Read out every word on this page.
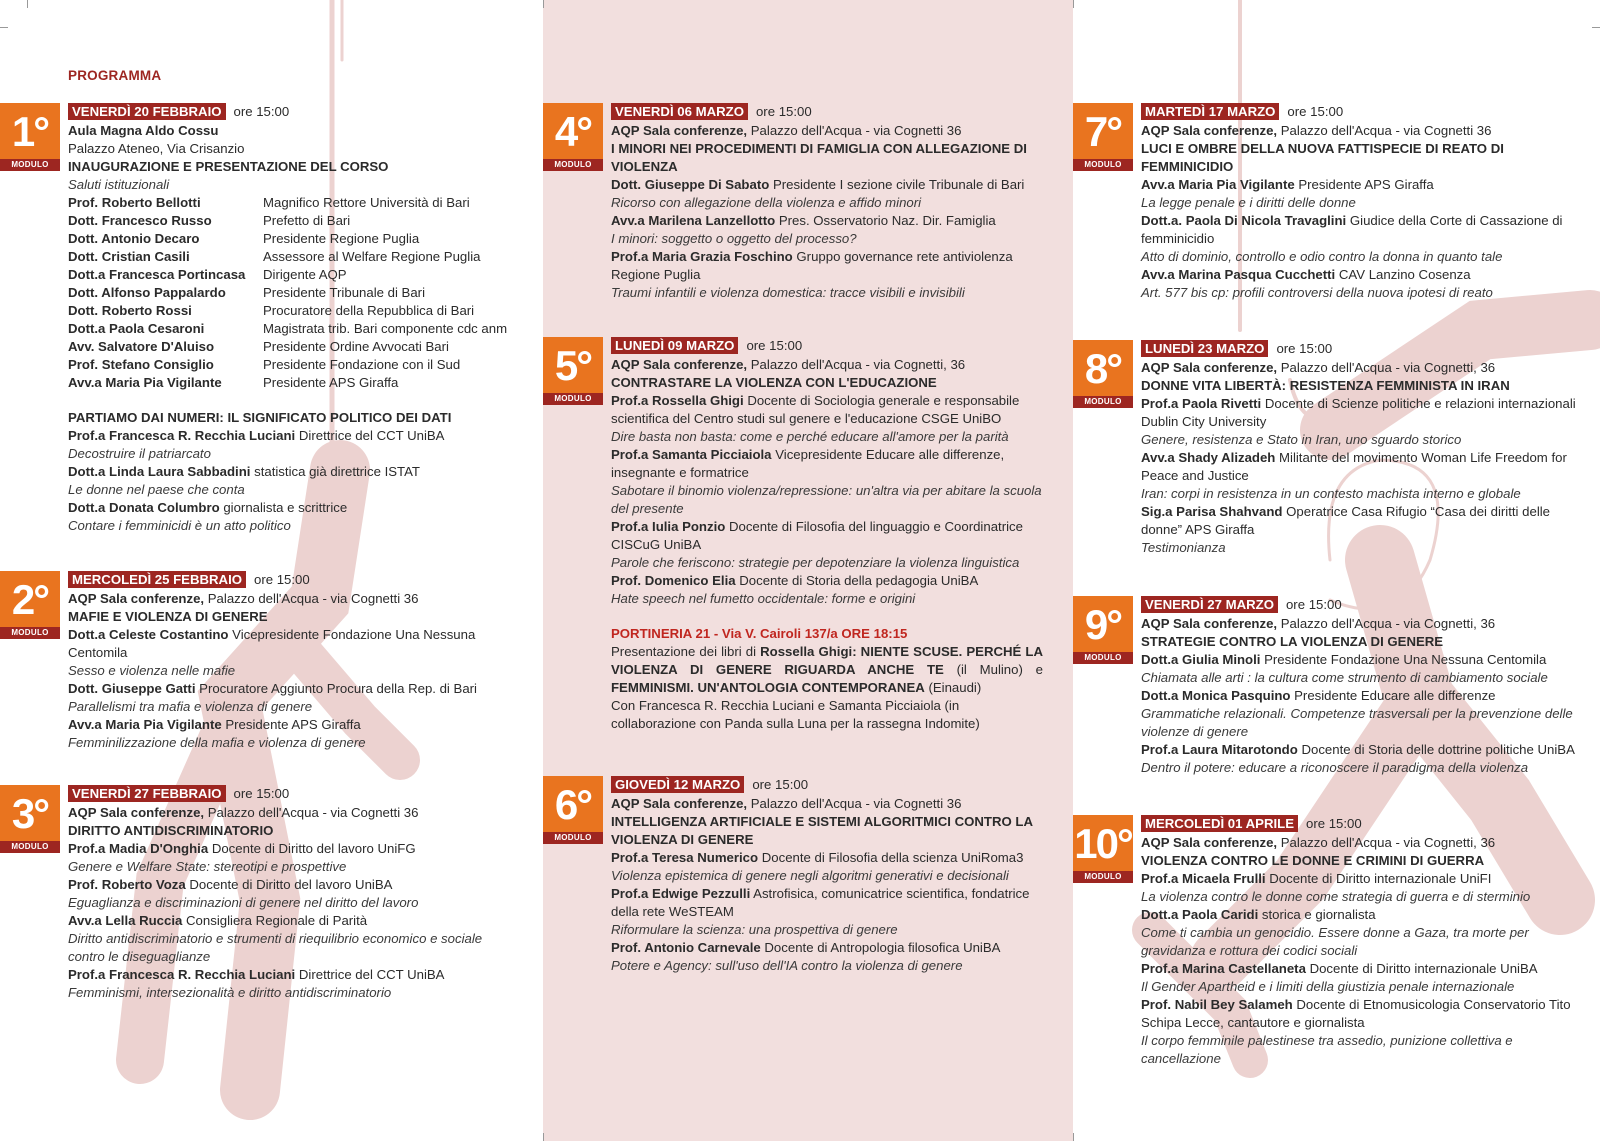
PROGRAMMA
1°
MODULO
VENERDÌ 20 FEBBRAIO ore 15:00
Aula Magna Aldo Cossu
Palazzo Ateneo, Via Crisanzio
INAUGURAZIONE E PRESENTAZIONE DEL CORSO
Saluti istituzionali
Prof. Roberto Bellotti	Magnifico Rettore Università di Bari
Dott. Francesco Russo	Prefetto di Bari
Dott. Antonio Decaro	Presidente Regione Puglia
Dott. Cristian Casili	Assessore al Welfare Regione Puglia
Dott.a Francesca Portincasa	Dirigente AQP
Dott. Alfonso Pappalardo	Presidente Tribunale di Bari
Dott. Roberto Rossi	Procuratore della Repubblica di Bari
Dott.a Paola Cesaroni	Magistrata trib. Bari componente cdc anm
Avv. Salvatore D'Aluiso	Presidente Ordine Avvocati Bari
Prof. Stefano Consiglio	Presidente Fondazione con il Sud
Avv.a Maria Pia Vigilante	Presidente APS Giraffa
PARTIAMO DAI NUMERI: IL SIGNIFICATO POLITICO DEI DATI
Prof.a Francesca R. Recchia Luciani Direttrice del CCT UniBA
Decostruire il patriarcato
Dott.a Linda Laura Sabbadini statistica già direttrice ISTAT
Le donne nel paese che conta
Dott.a Donata Columbro giornalista e scrittrice
Contare i femminicidi è un atto politico
2°
MODULO
MERCOLEDÌ 25 FEBBRAIO ore 15:00
AQP Sala conferenze, Palazzo dell'Acqua - via Cognetti 36
MAFIE E VIOLENZA DI GENERE
Dott.a Celeste Costantino Vicepresidente Fondazione Una Nessuna Centomila
Sesso e violenza nelle mafie
Dott. Giuseppe Gatti Procuratore Aggiunto Procura della Rep. di Bari
Parallelismi tra mafia e violenza di genere
Avv.a Maria Pia Vigilante Presidente APS Giraffa
Femminilizzazione della mafia e violenza di genere
3°
MODULO
VENERDÌ 27 FEBBRAIO ore 15:00
AQP Sala conferenze, Palazzo dell'Acqua - via Cognetti 36
DIRITTO ANTIDISCRIMINATORIO
Prof.a Madia D'Onghia Docente di Diritto del lavoro UniFG
Genere e Welfare State: stereotipi e prospettive
Prof. Roberto Voza Docente di Diritto del lavoro UniBA
Eguaglianza e discriminazioni di genere nel diritto del lavoro
Avv.a Lella Ruccia Consigliera Regionale di Parità
Diritto antidiscriminatorio e strumenti di riequilibrio economico e sociale contro le diseguaglianze
Prof.a Francesca R. Recchia Luciani Direttrice del CCT UniBA
Femminismi, intersezionalità e diritto antidiscriminatorio
4°
MODULO
VENERDÌ 06 MARZO ore 15:00
AQP Sala conferenze, Palazzo dell'Acqua - via Cognetti 36
I MINORI NEI PROCEDIMENTI DI FAMIGLIA CON ALLEGAZIONE DI VIOLENZA
Dott. Giuseppe Di Sabato Presidente I sezione civile Tribunale di Bari
Ricorso con allegazione della violenza e affido minori
Avv.a Marilena Lanzellotto Pres. Osservatorio Naz. Dir. Famiglia
I minori: soggetto o oggetto del processo?
Prof.a Maria Grazia Foschino Gruppo governance rete antiviolenza Regione Puglia
Traumi infantili e violenza domestica: tracce visibili e invisibili
5°
MODULO
LUNEDÌ 09 MARZO ore 15:00
AQP Sala conferenze, Palazzo dell'Acqua - via Cognetti, 36
CONTRASTARE LA VIOLENZA CON L'EDUCAZIONE
Prof.a Rossella Ghigi Docente di Sociologia generale e responsabile scientifica del Centro studi sul genere e l'educazione CSGE UniBO
Dire basta non basta: come e perché educare all'amore per la parità
Prof.a Samanta Picciaiola Vicepresidente Educare alle differenze, insegnante e formatrice
Sabotare il binomio violenza/repressione: un'altra via per abitare la scuola del presente
Prof.a Iulia Ponzio Docente di Filosofia del linguaggio e Coordinatrice CISCuG UniBA
Parole che feriscono: strategie per depotenziare la violenza linguistica
Prof. Domenico Elia Docente di Storia della pedagogia UniBA
Hate speech nel fumetto occidentale: forme e origini
PORTINERIA 21 - Via V. Cairoli 137/a ORE 18:15
Presentazione dei libri di Rossella Ghigi: NIENTE SCUSE. PERCHÉ LA VIOLENZA DI GENERE RIGUARDA ANCHE TE (il Mulino) e FEMMINISMI. UN'ANTOLOGIA CONTEMPORANEA (Einaudi)
Con Francesca R. Recchia Luciani e Samanta Picciaiola (in collaborazione con Panda sulla Luna per la rassegna Indomite)
6°
MODULO
GIOVEDÌ 12 MARZO ore 15:00
AQP Sala conferenze, Palazzo dell'Acqua - via Cognetti 36
INTELLIGENZA ARTIFICIALE E SISTEMI ALGORITMICI CONTRO LA VIOLENZA DI GENERE
Prof.a Teresa Numerico Docente di Filosofia della scienza UniRoma3
Violenza epistemica di genere negli algoritmi generativi e decisionali
Prof.a Edwige Pezzulli Astrofisica, comunicatrice scientifica, fondatrice della rete WeSTEAM
Riformulare la scienza: una prospettiva di genere
Prof. Antonio Carnevale Docente di Antropologia filosofica UniBA
Potere e Agency: sull'uso dell'IA contro la violenza di genere
7°
MODULO
MARTEDÌ 17 MARZO ore 15:00
AQP Sala conferenze, Palazzo dell'Acqua - via Cognetti 36
LUCI E OMBRE DELLA NUOVA FATTISPECIE DI REATO DI FEMMINICIDIO
Avv.a Maria Pia Vigilante Presidente APS Giraffa
La legge penale e i diritti delle donne
Dott.a. Paola Di Nicola Travaglini Giudice della Corte di Cassazione di femminicidio
Atto di dominio, controllo e odio contro la donna in quanto tale
Avv.a Marina Pasqua Cucchetti CAV Lanzino Cosenza
Art. 577 bis cp: profili controversi della nuova ipotesi di reato
8°
MODULO
LUNEDÌ 23 MARZO ore 15:00
AQP Sala conferenze, Palazzo dell'Acqua - via Cognetti, 36
DONNE VITA LIBERTÀ: RESISTENZA FEMMINISTA IN IRAN
Prof.a Paola Rivetti Docente di Scienze politiche e relazioni internazionali Dublin City University
Genere, resistenza e Stato in Iran, uno sguardo storico
Avv.a Shady Alizadeh Militante del movimento Woman Life Freedom for Peace and Justice
Iran: corpi in resistenza in un contesto machista interno e globale
Sig.a Parisa Shahvand Operatrice Casa Rifugio “Casa dei diritti delle donne” APS Giraffa
Testimonianza
9°
MODULO
VENERDÌ 27 MARZO ore 15:00
AQP Sala conferenze, Palazzo dell'Acqua - via Cognetti, 36
STRATEGIE CONTRO LA VIOLENZA DI GENERE
Dott.a Giulia Minoli Presidente Fondazione Una Nessuna Centomila
Chiamata alle arti : la cultura come strumento di cambiamento sociale
Dott.a Monica Pasquino Presidente Educare alle differenze
Grammatiche relazionali. Competenze trasversali per la prevenzione delle violenze di genere
Prof.a Laura Mitarotondo Docente di Storia delle dottrine politiche UniBA
Dentro il potere: educare a riconoscere il paradigma della violenza
10°
MODULO
MERCOLEDÌ 01 APRILE ore 15:00
AQP Sala conferenze, Palazzo dell'Acqua - via Cognetti, 36
VIOLENZA CONTRO LE DONNE E CRIMINI DI GUERRA
Prof.a Micaela Frulli Docente di Diritto internazionale UniFI
La violenza contro le donne come strategia di guerra e di sterminio
Dott.a Paola Caridi storica e giornalista
Come ti cambia un genocidio. Essere donne a Gaza, tra morte per gravidanza e rottura dei codici sociali
Prof.a Marina Castellaneta Docente di Diritto internazionale UniBA
Il Gender Apartheid e i limiti della giustizia penale internazionale
Prof. Nabil Bey Salameh Docente di Etnomusicologia Conservatorio Tito Schipa Lecce, cantautore e giornalista
Il corpo femminile palestinese tra assedio, punizione collettiva e cancellazione
